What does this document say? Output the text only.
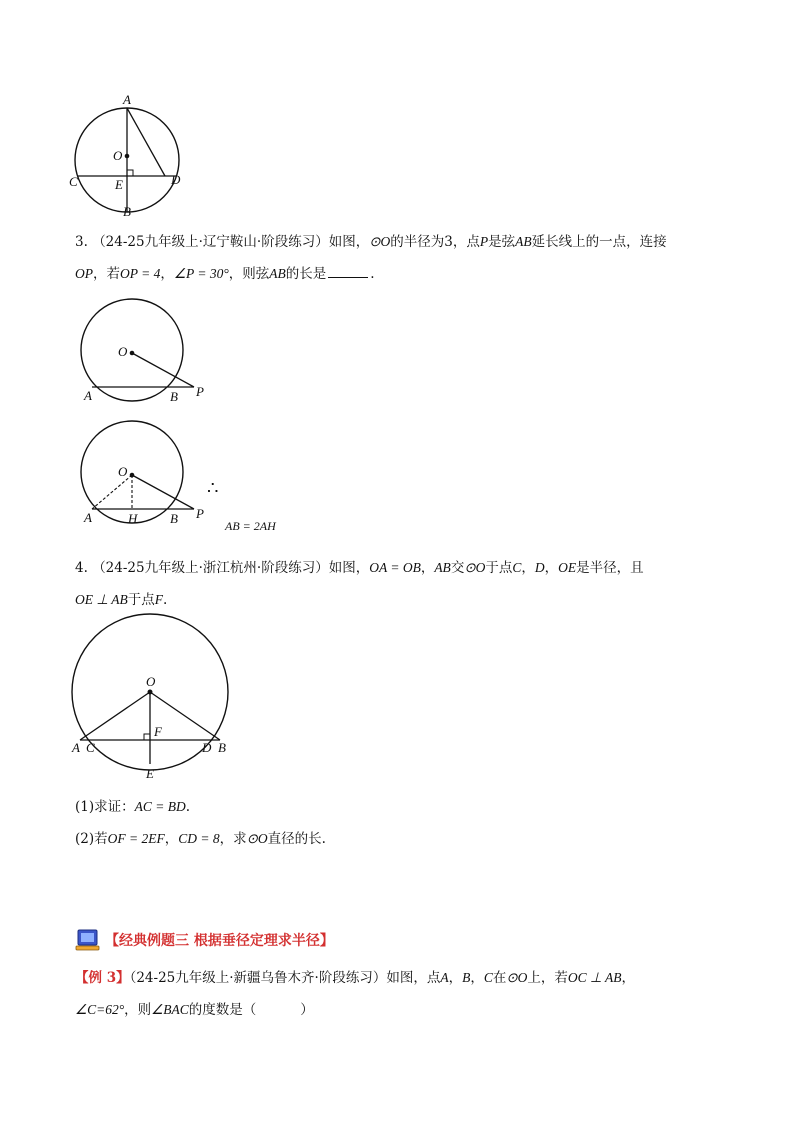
A
O
C	E	D
B
3. （24-25九年级上·辽宁鞍山·阶段练习）如图，⊙O的半径为3，点P是弦AB延长线上的一点，连接
OP，若OP = 4，∠P = 30°，则弦AB的长是	.
O
A	B P
O
A	H	B P
∴
AB = 2AH
4. （24-25九年级上·浙江杭州·阶段练习）如图，OA = OB，AB交⊙O于点C，D，OE是半径，且
OE ⊥ AB于点F.
O
F
A C	D B
E
(1)求证：AC = BD.
(2)若OF = 2EF，CD = 8，求⊙O直径的长.
【经典例题三 根据垂径定理求半径】
【例 3】（24-25九年级上·新疆乌鲁木齐·阶段练习）如图，点A，B，C在⊙O上，若OC ⊥ AB，
∠C=62°，则∠BAC的度数是（	）
